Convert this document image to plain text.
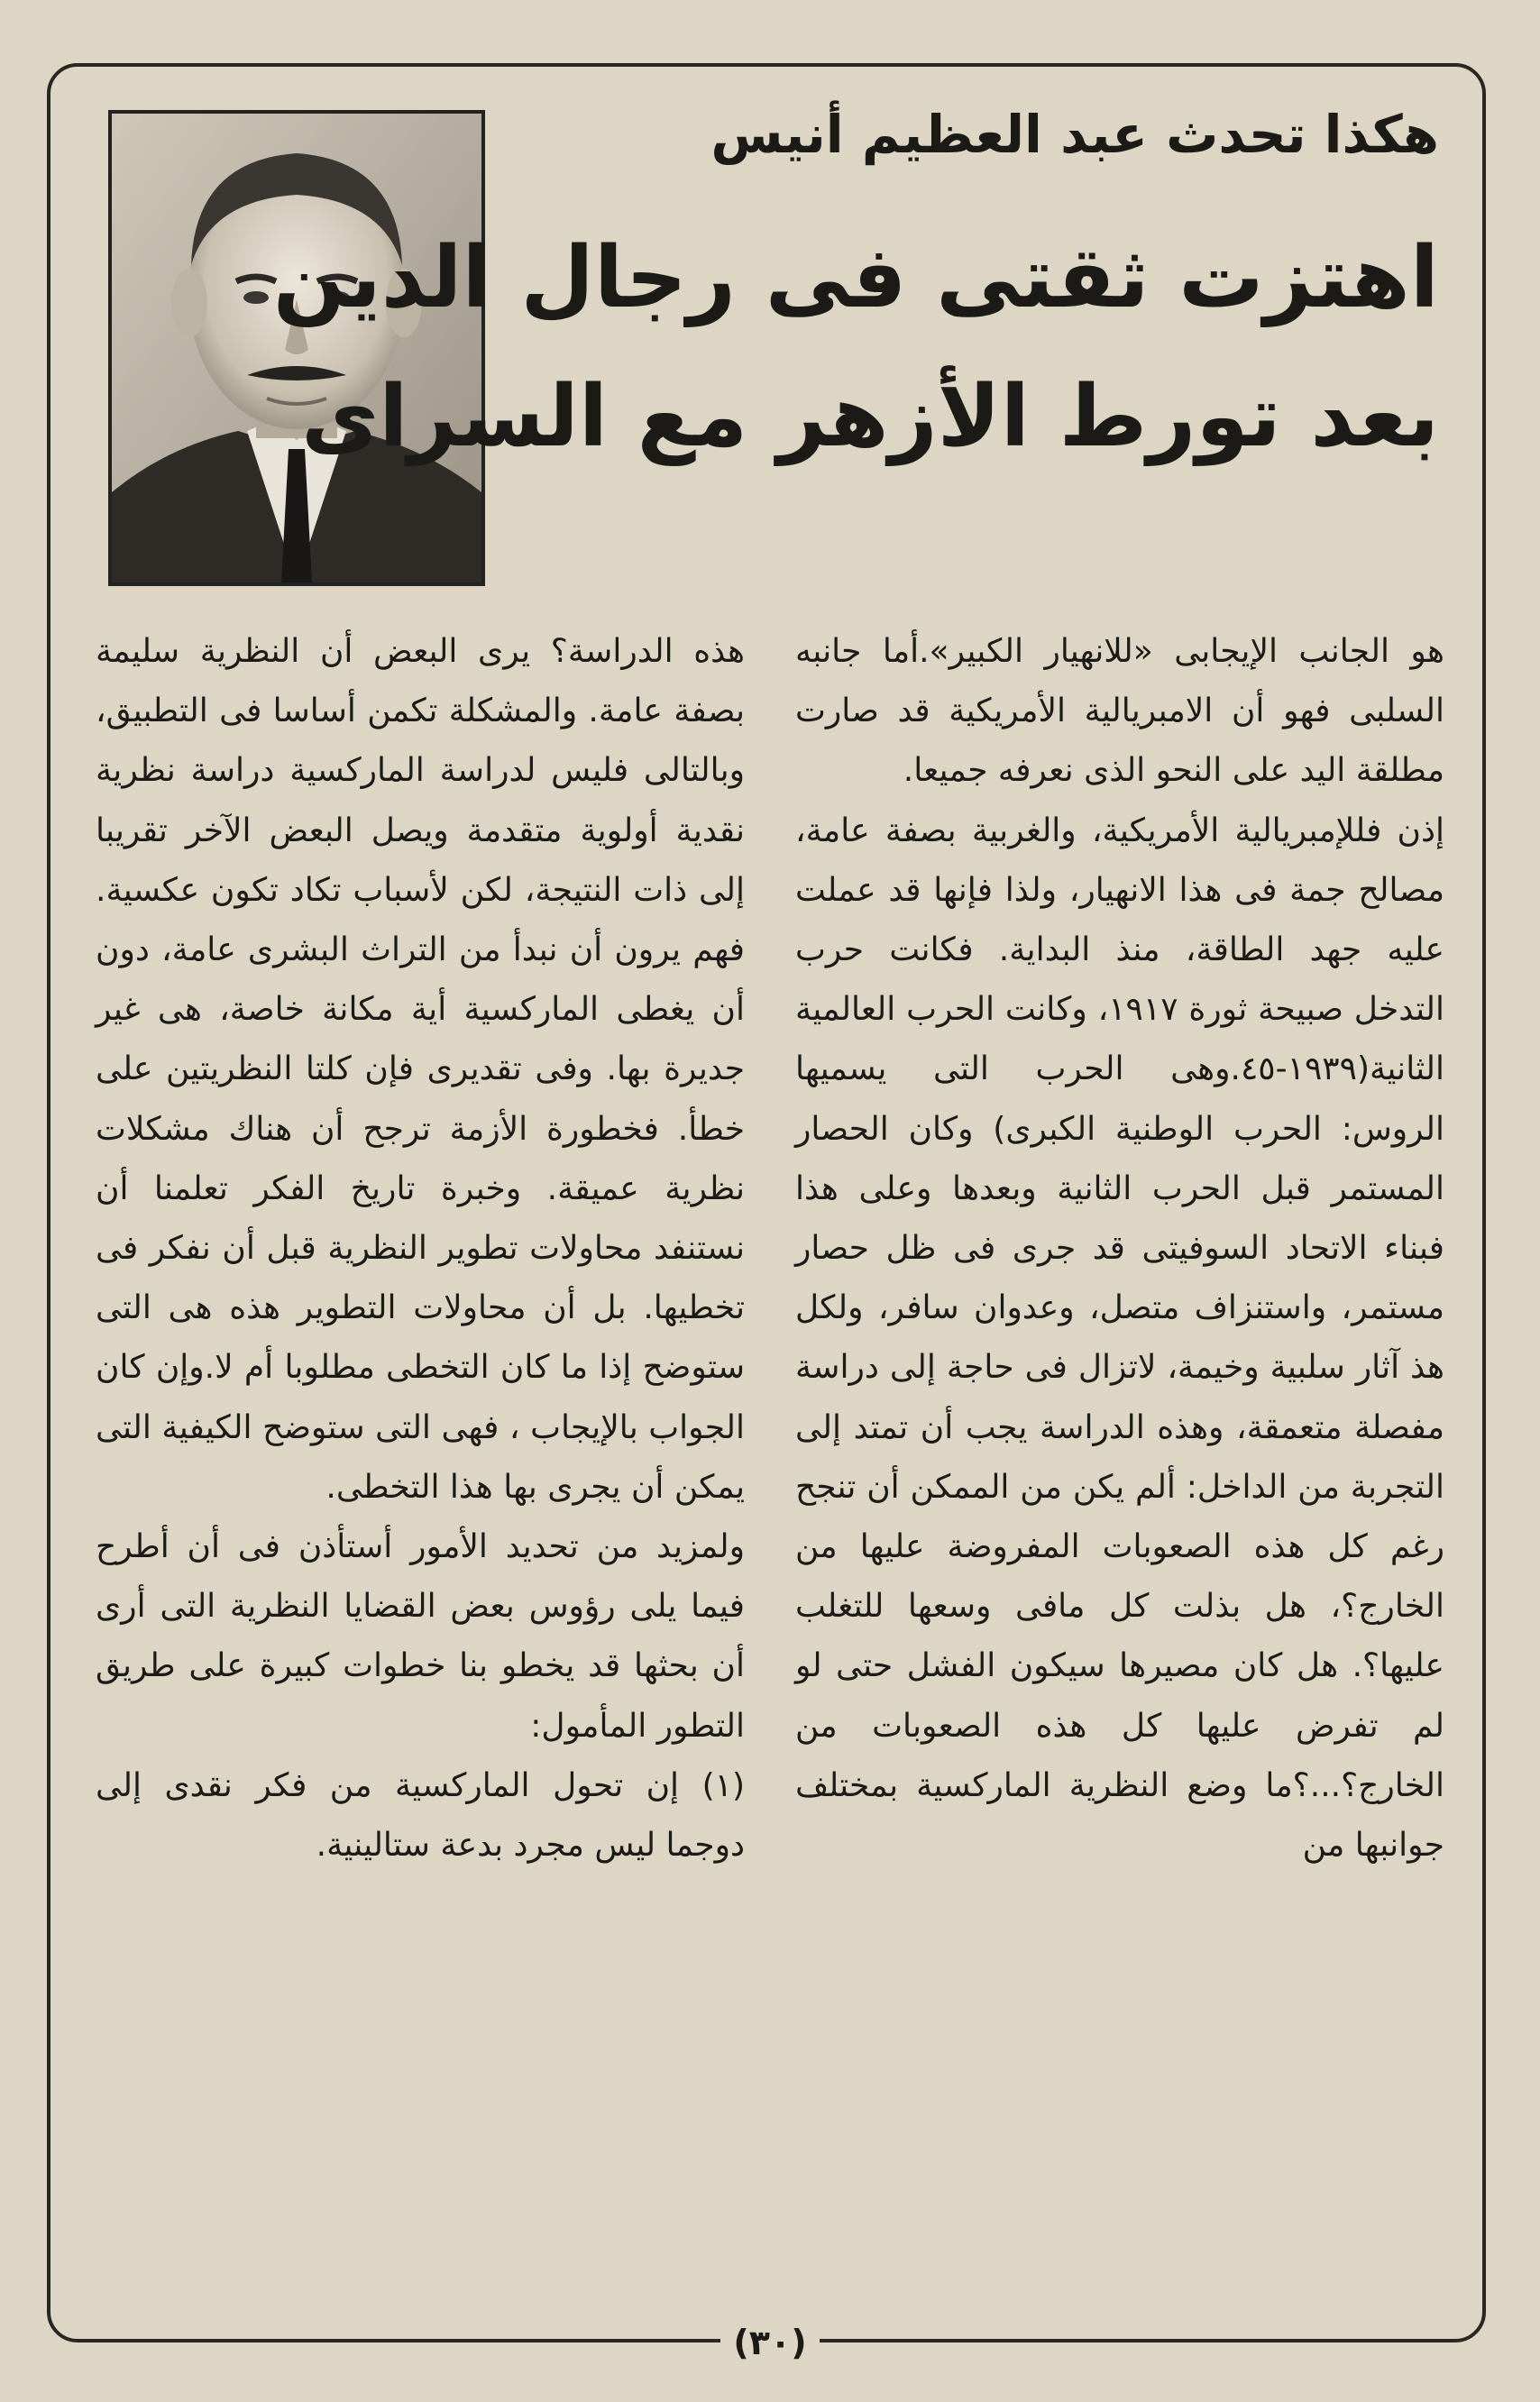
هكذا تحدث عبد العظيم أنيس
اهتزت ثقتى فى رجال الدين
بعد تورط الأزهر مع السراى

هو الجانب الإيجابى «للانهيار الكبير».أما جانبه السلبى فهو أن الامبريالية الأمريكية قد صارت مطلقة اليد على النحو الذى نعرفه جميعا.

إذن فللإمبريالية الأمريكية، والغربية بصفة عامة، مصالح جمة فى هذا الانهيار، ولذا فإنها قد عملت عليه جهد الطاقة، منذ البداية. فكانت حرب التدخل صبيحة ثورة ١٩١٧، وكانت الحرب العالمية الثانية(١٩٣٩-٤٥.وهى الحرب التى يسميها الروس: الحرب الوطنية الكبرى) وكان الحصار المستمر قبل الحرب الثانية وبعدها وعلى هذا فبناء الاتحاد السوفيتى قد جرى فى ظل حصار مستمر، واستنزاف متصل، وعدوان سافر، ولكل هذ آثار سلبية وخيمة، لاتزال فى حاجة إلى دراسة مفصلة متعمقة، وهذه الدراسة يجب أن تمتد إلى التجربة من الداخل: ألم يكن من الممكن أن تنجح رغم كل هذه الصعوبات المفروضة عليها من الخارج؟، هل بذلت كل مافى وسعها للتغلب عليها؟. هل كان مصيرها سيكون الفشل حتى لو لم تفرض عليها كل هذه الصعوبات من الخارج؟...؟ما وضع النظرية الماركسية بمختلف جوانبها من

هذه الدراسة؟ يرى البعض أن النظرية سليمة بصفة عامة. والمشكلة تكمن أساسا فى التطبيق، وبالتالى فليس لدراسة الماركسية دراسة نظرية نقدية أولوية متقدمة ويصل البعض الآخر تقريبا إلى ذات النتيجة، لكن لأسباب تكاد تكون عكسية. فهم يرون أن نبدأ من التراث البشرى عامة، دون أن يغطى الماركسية أية مكانة خاصة، هى غير جديرة بها. وفى تقديرى فإن كلتا النظريتين على خطأ. فخطورة الأزمة ترجح أن هناك مشكلات نظرية عميقة. وخبرة تاريخ الفكر تعلمنا أن نستنفد محاولات تطوير النظرية قبل أن نفكر فى تخطيها. بل أن محاولات التطوير هذه هى التى ستوضح إذا ما كان التخطى مطلوبا أم لا.وإن كان الجواب بالإيجاب ، فهى التى ستوضح الكيفية التى يمكن أن يجرى بها هذا التخطى.

ولمزيد من تحديد الأمور أستأذن فى أن أطرح فيما يلى رؤوس بعض القضايا النظرية التى أرى أن بحثها قد يخطو بنا خطوات كبيرة على طريق التطور المأمول:

(١) إن تحول الماركسية من فكر نقدى إلى دوجما ليس مجرد بدعة ستالينية.

(٣٠)
